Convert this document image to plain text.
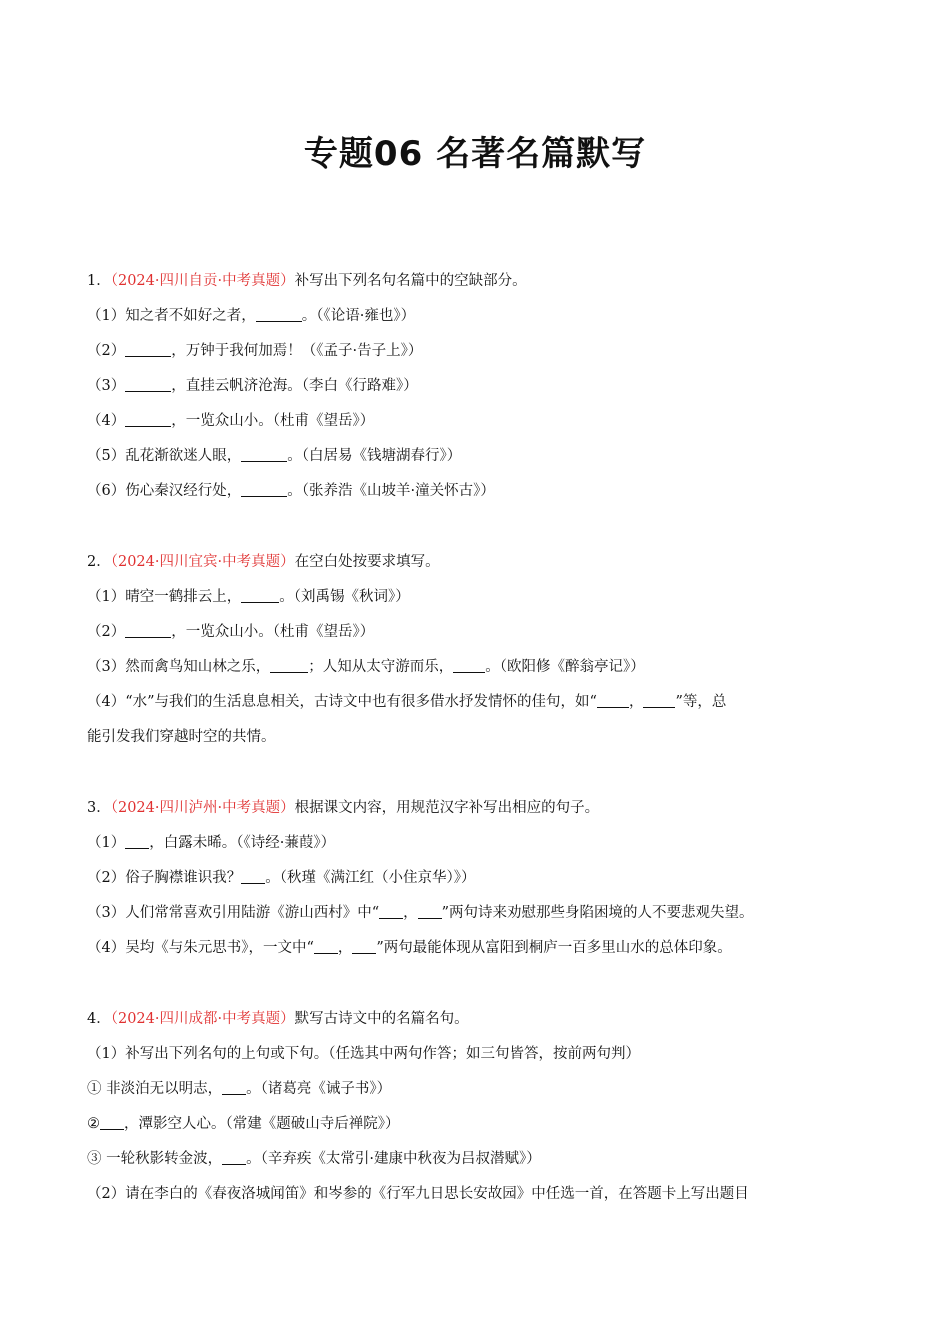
专题06 名著名篇默写
1．（2024·四川自贡·中考真题）补写出下列名句名篇中的空缺部分。
（1）知之者不如好之者，	。（《论语·雍也》）
（2）	，万钟于我何加焉！（《孟子·告子上》）
（3）	，直挂云帆济沧海。（李白《行路难》）
（4）	，一览众山小。（杜甫《望岳》）
（5）乱花渐欲迷人眼，	。（白居易《钱塘湖春行》）
（6）伤心秦汉经行处，	。（张养浩《山坡羊·潼关怀古》）
2．（2024·四川宜宾·中考真题）在空白处按要求填写。
（1）晴空一鹤排云上，	。（刘禹锡《秋词》）
（2）	，一览众山小。（杜甫《望岳》）
（3）然而禽鸟知山林之乐，	；人知从太守游而乐， 。（欧阳修《醉翁亭记》）
（4）“水”与我们的生活息息相关，古诗文中也有很多借水抒发情怀的佳句，如“ ， ”等，总
能引发我们穿越时空的共情。
3．（2024·四川泸州·中考真题）根据课文内容，用规范汉字补写出相应的句子。
（1） ，白露未晞。（《诗经·蒹葭》）
（2）俗子胸襟谁识我？ 。（秋瑾《满江红（小住京华）》）
（3）人们常常喜欢引用陆游《游山西村》中“ ， ”两句诗来劝慰那些身陷困境的人不要悲观失望。
（4）吴均《与朱元思书》，一文中“ ， ”两句最能体现从富阳到桐庐一百多里山水的总体印象。
4．（2024·四川成都·中考真题）默写古诗文中的名篇名句。
（1）补写出下列名句的上句或下句。（任选其中两句作答；如三句皆答，按前两句判）
① 非淡泊无以明志， 。（诸葛亮《诫子书》）
② ，潭影空人心。（常建《题破山寺后禅院》）
③ 一轮秋影转金波， 。（辛弃疾《太常引·建康中秋夜为吕叔潜赋》）
（2）请在李白的《春夜洛城闻笛》和岑参的《行军九日思长安故园》中任选一首，在答题卡上写出题目
